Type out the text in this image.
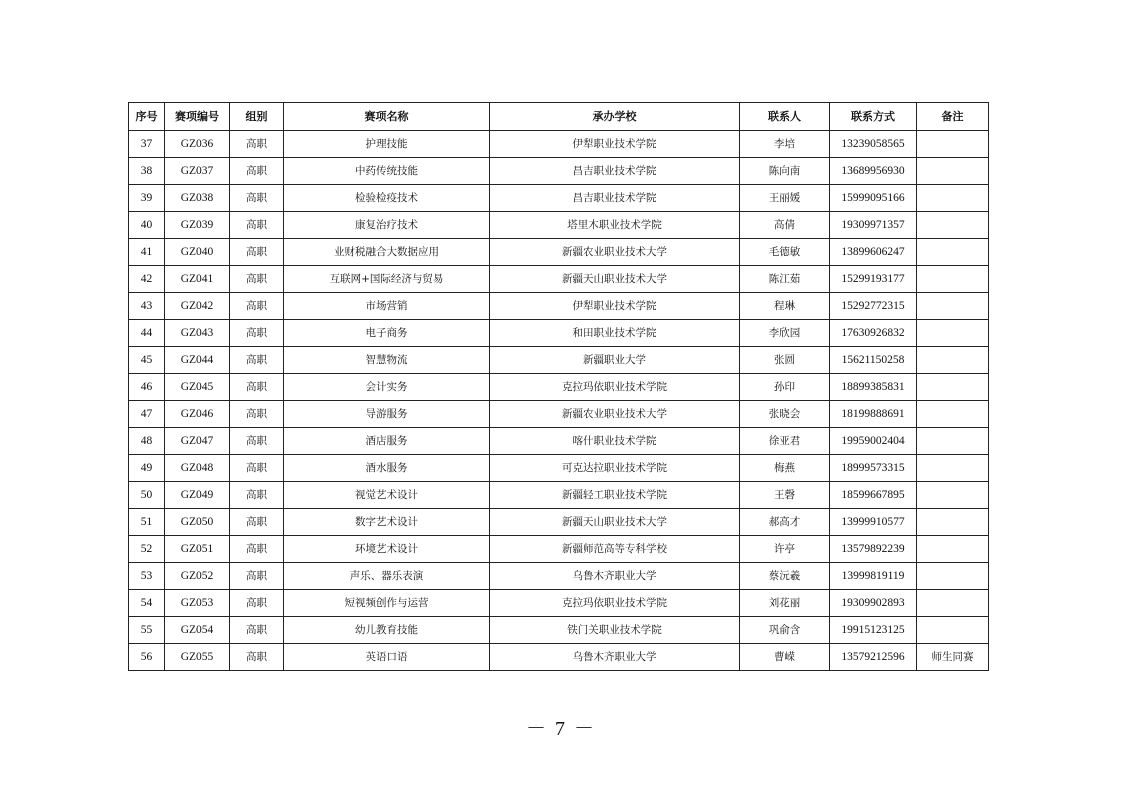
序号	赛项编号	组别	赛项名称	承办学校	联系人	联系方式	备注
37	GZ036	高职	护理技能	伊犁职业技术学院	李培	13239058565	
38	GZ037	高职	中药传统技能	昌吉职业技术学院	陈向南	13689956930	
39	GZ038	高职	检验检疫技术	昌吉职业技术学院	王丽媛	15999095166	
40	GZ039	高职	康复治疗技术	塔里木职业技术学院	高倩	19309971357	
41	GZ040	高职	业财税融合大数据应用	新疆农业职业技术大学	毛德敏	13899606247	
42	GZ041	高职	互联网+国际经济与贸易	新疆天山职业技术大学	陈江茹	15299193177	
43	GZ042	高职	市场营销	伊犁职业技术学院	程琳	15292772315	
44	GZ043	高职	电子商务	和田职业技术学院	李欣园	17630926832	
45	GZ044	高职	智慧物流	新疆职业大学	张圆	15621150258	
46	GZ045	高职	会计实务	克拉玛依职业技术学院	孙印	18899385831	
47	GZ046	高职	导游服务	新疆农业职业技术大学	张晓会	18199888691	
48	GZ047	高职	酒店服务	喀什职业技术学院	徐亚君	19959002404	
49	GZ048	高职	酒水服务	可克达拉职业技术学院	梅燕	18999573315	
50	GZ049	高职	视觉艺术设计	新疆轻工职业技术学院	王磬	18599667895	
51	GZ050	高职	数字艺术设计	新疆天山职业技术大学	郝高才	13999910577	
52	GZ051	高职	环境艺术设计	新疆师范高等专科学校	许亭	13579892239	
53	GZ052	高职	声乐、器乐表演	乌鲁木齐职业大学	蔡沅羲	13999819119	
54	GZ053	高职	短视频创作与运营	克拉玛依职业技术学院	刘花丽	19309902893	
55	GZ054	高职	幼儿教育技能	铁门关职业技术学院	巩俞含	19915123125	
56	GZ055	高职	英语口语	乌鲁木齐职业大学	曹嵘	13579212596	师生同赛
－ 7 －
